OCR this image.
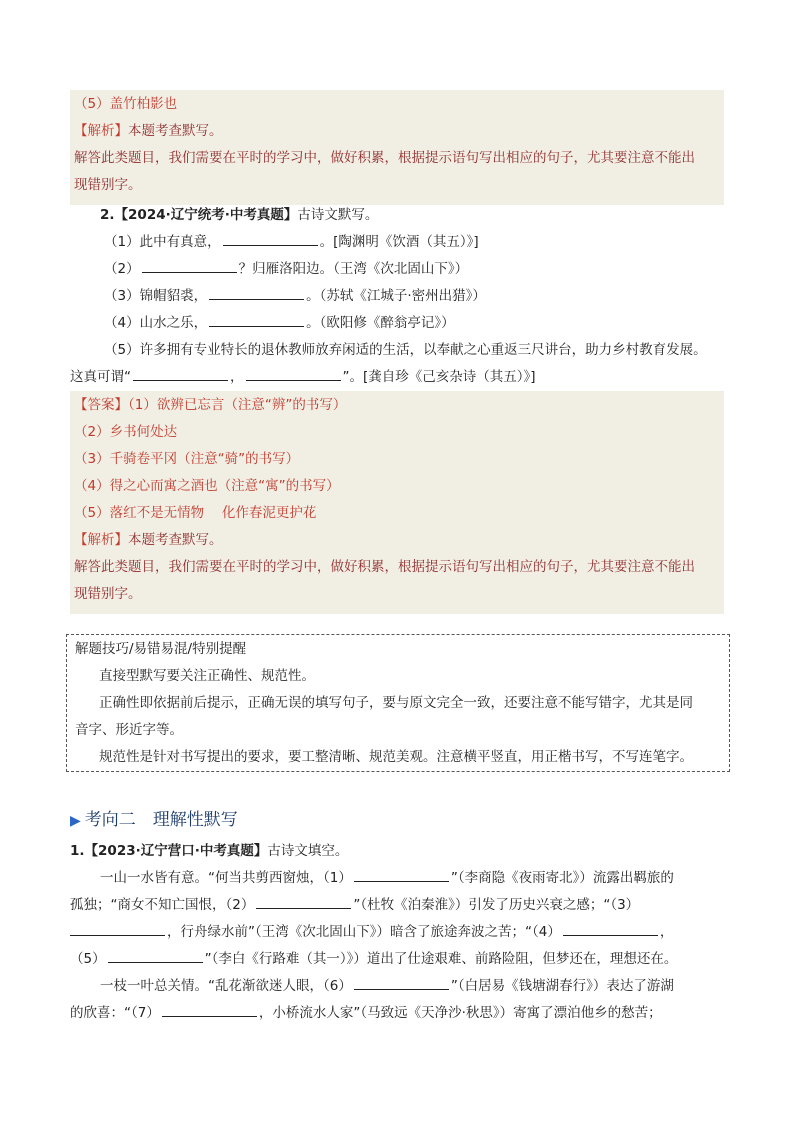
（5）盖竹柏影也
【解析】本题考查默写。
解答此类题目，我们需要在平时的学习中，做好积累，根据提示语句写出相应的句子，尤其要注意不能出
现错别字。
2.【2024·辽宁统考·中考真题】古诗文默写。
（1）此中有真意，	。[陶渊明《饮酒（其五）》]
（2）	？归雁洛阳边。（王湾《次北固山下》）
（3）锦帽貂裘，	。（苏轼《江城子·密州出猎》）
（4）山水之乐，	。（欧阳修《醉翁亭记》）
（5）许多拥有专业特长的退休教师放弃闲适的生活，以奉献之心重返三尺讲台，助力乡村教育发展。
这真可谓“	，	”。[龚自珍《己亥杂诗（其五）》]
【答案】（1）欲辨已忘言（注意“辨”的书写）
（2）乡书何处达
（3）千骑卷平冈（注意“骑”的书写）
（4）得之心而寓之酒也（注意“寓”的书写）
（5）落红不是无情物　 化作春泥更护花
【解析】本题考查默写。
解答此类题目，我们需要在平时的学习中，做好积累，根据提示语句写出相应的句子，尤其要注意不能出
现错别字。
解题技巧/易错易混/特别提醒
直接型默写要关注正确性、规范性。
正确性即依据前后提示，正确无误的填写句子，要与原文完全一致，还要注意不能写错字，尤其是同
音字、形近字等。
规范性是针对书写提出的要求，要工整清晰、规范美观。注意横平竖直，用正楷书写，不写连笔字。
▶ 考向二　理解性默写
1.【2023·辽宁营口·中考真题】古诗文填空。
一山一水皆有意。“何当共剪西窗烛，（1）	”（李商隐《夜雨寄北》）流露出羁旅的
孤独；“商女不知亡国恨，（2）	”（杜牧《泊秦淮》）引发了历史兴衰之感；“（3）
，行舟绿水前”（王湾《次北固山下》）暗含了旅途奔波之苦；“（4）	，
（5）	”（李白《行路难（其一）》）道出了仕途艰难、前路险阻，但梦还在，理想还在。
一枝一叶总关情。“乱花渐欲迷人眼，（6）	”（白居易《钱塘湖春行》）表达了游湖
的欣喜：“（7）	，小桥流水人家”（马致远《天净沙·秋思》）寄寓了漂泊他乡的愁苦；
